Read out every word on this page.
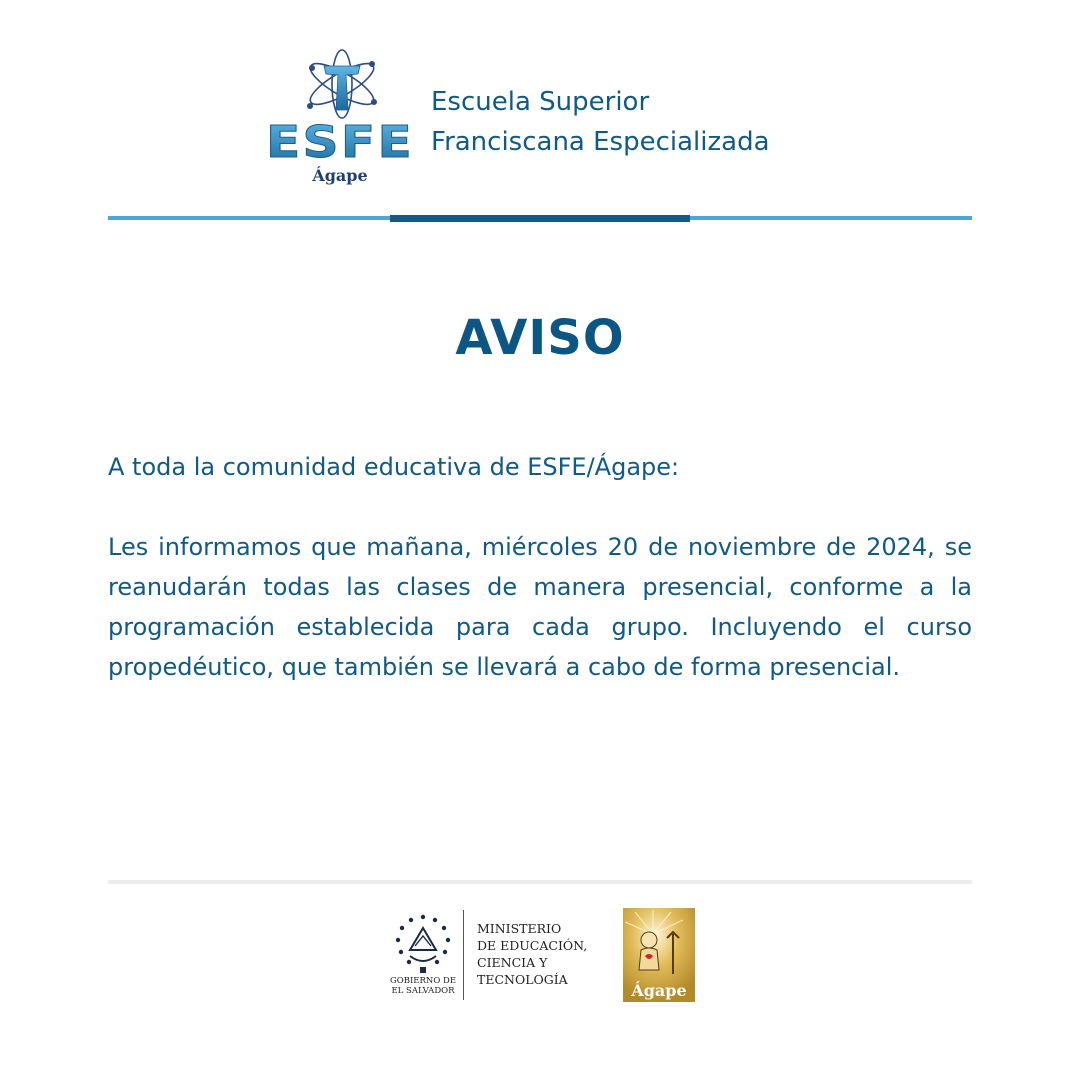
ESFE
Ágape
Escuela Superior
Franciscana Especializada
AVISO
A toda la comunidad educativa de ESFE/Ágape:

Les informamos que mañana, miércoles 20 de noviembre de 2024, se reanudarán todas las clases de manera presencial, conforme a la programación establecida para cada grupo. Incluyendo el curso propedéutico, que también se llevará a cabo de forma presencial.

GOBIERNO DE
EL SALVADOR
MINISTERIO
DE EDUCACIÓN,
CIENCIA Y
TECNOLOGÍA
Ágape
